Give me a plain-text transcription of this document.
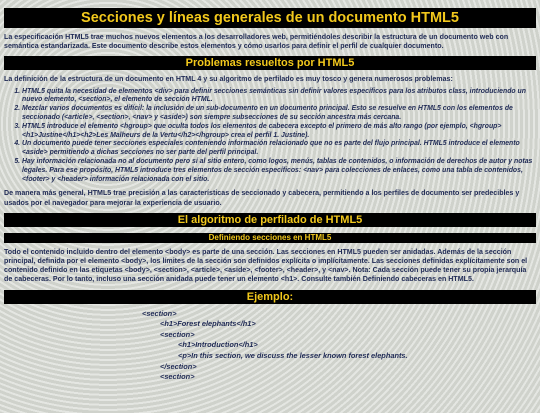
Secciones y líneas generales de un documento HTML5

La especificación HTML5 trae muchos nuevos elementos a los desarrolladores web, permitiéndoles describir la estructura de un documento web con semántica estandarizada. Este documento describe estos elementos y cómo usarlos para definir el perfil de cualquier documento.

Problemas resueltos por HTML5

La definición de la estructura de un documento en HTML 4 y su algoritmo de perfilado es muy tosco y genera numerosos problemas:

1. HTML5 quita la necesidad de elementos <div> para definir secciones semánticas sin definir valores específicos para los atributos class, introduciendo un nuevo elemento, <section>, el elemento de sección HTML.
2. Mezclar varios documentos es difícil: la inclusión de un sub-documento en un documento principal. Esto se resuelve en HTML5 con los elementos de seccionado (<article>, <section>, <nav> y <aside>) son siempre subsecciones de su sección ancestra más cercana.
3. HTML5 introduce el elemento <hgroup> que oculta todos los elementos de cabecera excepto el primero de más alto rango (por ejemplo, <hgroup> <h1>Justine</h1><h2>Les Malheurs de la Vertu</h2></hgroup> crea el perfil 1. Justine).
4. Un documento puede tener secciones especiales conteniendo información relacionado que no es parte del flujo principal. HTML5 introduce el elemento <aside> permitiendo a dichas secciones no ser parte del perfil principal.
5. Hay información relacionada no al documento pero sí al sitio entero, como logos, menús, tablas de contenidos, o información de derechos de autor y notas legales. Para ese propósito, HTML5 introduce tres elementos de sección específicos: <nav> para colecciones de enlaces, como una tabla de contenidos, <footer> y <header> información relacionada con el sitio.

De manera más general, HTML5 trae precisión a las características de seccionado y cabecera, permitiendo a los perfiles de documento ser predecibles y usados por el navegador para mejorar la experiencia de usuario.

El algoritmo de perfilado de HTML5
Definiendo secciones en HTML5

Todo el contenido incluido dentro del elemento <body> es parte de una sección. Las secciones en HTML5 pueden ser anidadas. Además de la sección principal, definida por el elemento <body>, los límites de la sección son definidos explícita o implícitamente. Las secciones definidas explícitamente son el contenido definido en las etiquetas <body>, <section>, <article>, <aside>, <footer>, <header>, y <nav>. Nota: Cada sección puede tener su propia jerarquía de cabeceras. Por lo tanto, incluso una sección anidada puede tener un elemento <h1>. Consulte también Definiendo cabeceras en HTML5.

Ejemplo:
<section>
<h1>Forest elephants</h1>
<section>
<h1>Introduction</h1>
<p>In this section, we discuss the lesser known forest elephants.
</section>
<section>
